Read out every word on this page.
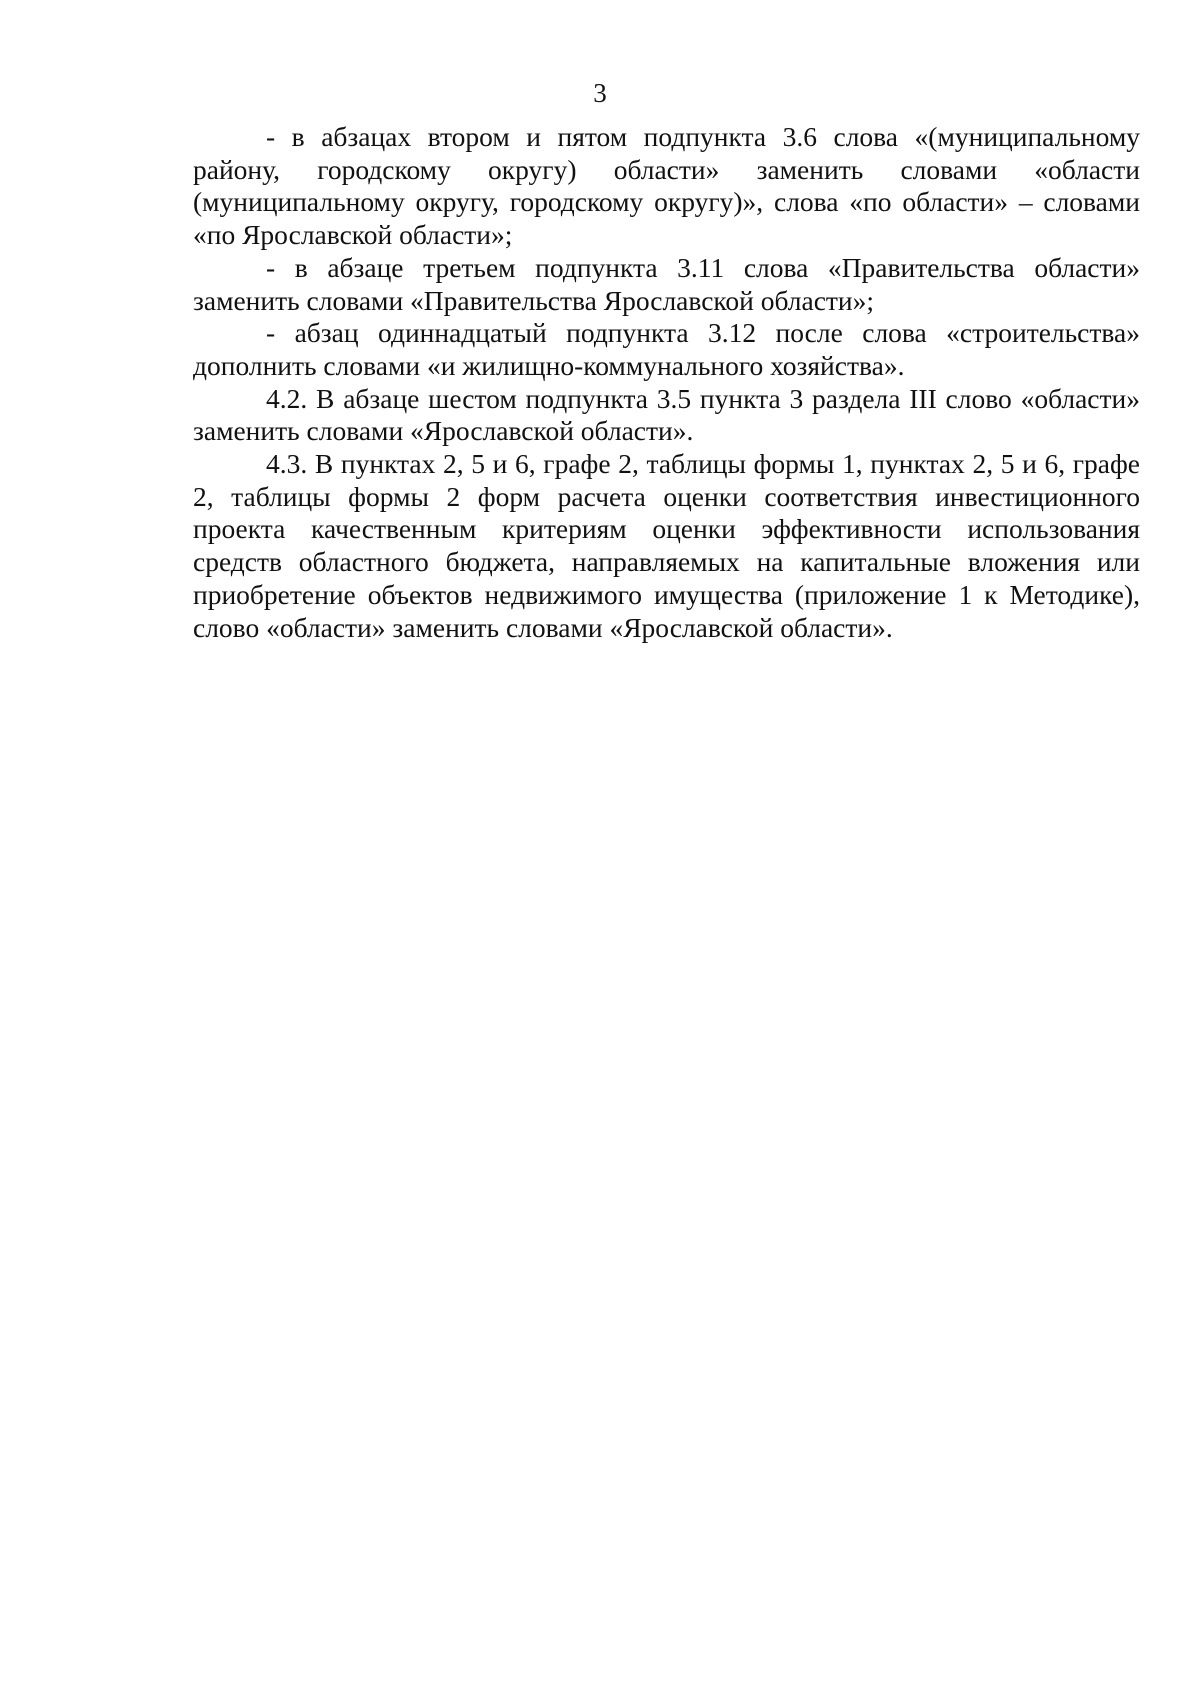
3

- в абзацах втором и пятом подпункта 3.6 слова «(муниципальному району, городскому округу) области» заменить словами «области (муниципальному округу, городскому округу)», слова «по области» – словами «по Ярославской области»;

- в абзаце третьем подпункта 3.11 слова «Правительства области» заменить словами «Правительства Ярославской области»;

- абзац одиннадцатый подпункта 3.12 после слова «строительства» дополнить словами «и жилищно-коммунального хозяйства».

4.2. В абзаце шестом подпункта 3.5 пункта 3 раздела III слово «области» заменить словами «Ярославской области».

4.3. В пунктах 2, 5 и 6, графе 2, таблицы формы 1, пунктах 2, 5 и 6, графе 2, таблицы формы 2 форм расчета оценки соответствия инвестиционного проекта качественным критериям оценки эффективности использования средств областного бюджета, направляемых на капитальные вложения или приобретение объектов недвижимого имущества (приложение 1 к Методике), слово «области» заменить словами «Ярославской области».
